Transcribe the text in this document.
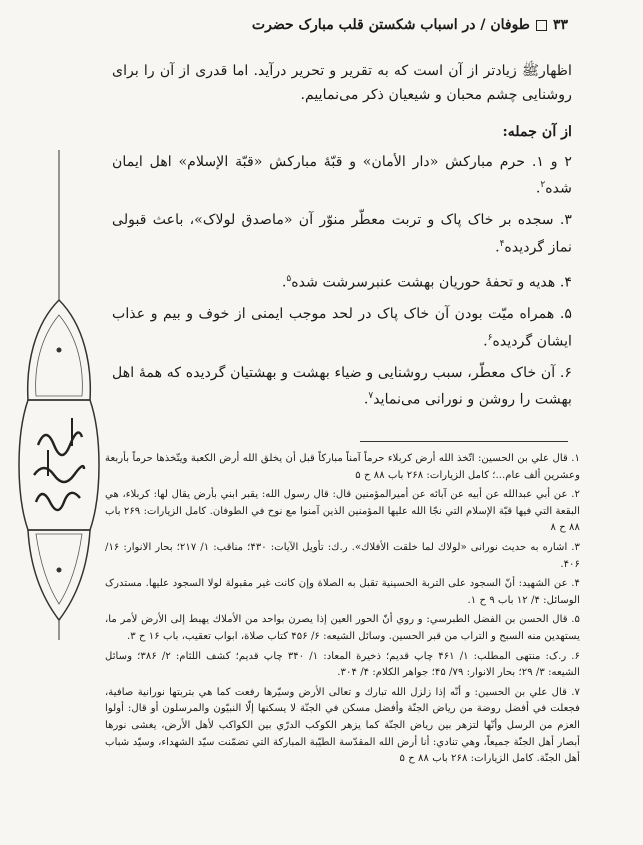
۳۳
طوفان / در اسباب شکستن قلب مبارک حضرت

اظهارﷺ زیادتر از آن است که به تقریر و تحریر درآید. اما قدری از آن را برای روشنایی چشم محبان و شیعیان ذکر می‌نماییم.

از آن جمله:

۲ و ۱. حرم مبارکش «دار الأمان» و قبّهٔ مبارکش «قبّة الإسلام» اهل ایمان شده$^۲$.

۳. سجده بر خاک پاک و تربت معطّر منوّر آن «ماصدق لولاک»، باعث قبولی نماز گردیده$^۴$.

۴. هدیه و تحفهٔ حوریان بهشت عنبرسرشت شده$^۵$.

۵. همراه میّت بودن آن خاک پاک در لحد موجب ایمنی از خوف و بیم و عذاب ایشان گردیده$^۶$.

۶. آن خاک معطّر، سبب روشنایی و ضیاء بهشت و بهشتیان گردیده که همهٔ اهل بهشت را روشن و نورانی می‌نماید$^۷$.

۱. قال علي بن الحسين: اتّخذ الله أرض كربلاء حرماً آمناً مباركاً قبل أن يخلق الله أرض الكعبة ويتّخذها حرماً بأربعة وعشرين ألف عام...؛ كامل الزيارات: ۲۶۸ باب ۸۸ ح ۵
۲. عن أبي عبدالله عن أبيه عن آبائه عن أميرالمؤمنين قال: قال رسول الله: يقبر ابني بأرض يقال لها: كربلاء، هي البقعة التي فيها قبّة الإسلام التي نجّا الله عليها المؤمنين الذين آمنوا مع نوح في الطوفان. كامل الزيارات: ۲۶۹ باب ۸۸ ح ۸
۳. اشاره به حدیث نورانی «لولاك لما خلقت الأفلاك». ر.ك: تأويل الآيات: ۴۳۰؛ مناقب: ۱/ ۲۱۷؛ بحار الانوار: ۱۶/ ۴۰۶.
۴. عن الشهيد: أنّ السجود على التربة الحسينية تقبل به الصلاة وإن كانت غير مقبولة لولا السجود عليها. مستدرک الوسائل: ۴/ ۱۲ باب ۹ ح ۱.
۵. قال الحسن بن الفضل الطبرسي: و روي أنّ الحور العين إذا يصرن بواحد من الأملاك يهبط إلى الأرض لأمر ما، يستهدين منه السبح و التراب من قبر الحسين. وسائل الشيعه: ۶/ ۴۵۶ کتاب صلاة، ابواب تعقیب، باب ۱۶ ح ۳.
۶. ر.ک: منتهی المطلب: ۱/ ۴۶۱ چاپ قدیم؛ ذخیرة المعاد: ۱/ ۳۴۰ چاپ قدیم؛ کشف اللثام: ۲/ ۳۸۶؛ وسائل الشیعه: ۳/ ۲۹؛ بحار الانوار: ۷۹/ ۴۵؛ جواهر الکلام: ۴/ ۳۰۴.
۷. قال علي بن الحسين: و أنّه إذا زلزل الله تبارك و تعالى الأرض وسيّرها رفعت كما هي بتربتها نورانية صافية، فجعلت في أفضل روضة من رياض الجنّة وأفضل مسكن في الجنّة لا يسكنها إلّا النبيّون والمرسلون أو قال: أولوا العزم من الرسل وأنّها لتزهر بين رياض الجنّة كما يزهر الكوكب الدرّي بين الكواكب لأهل الأرض، يغشى نورها أبصار أهل الجنّة جميعاً، وهي تنادي: أنا أرض الله المقدّسة الطيّبة المباركة التي تضمّنت سيّد الشهداء، وسيّد شباب أهل الجنّة. كامل الزيارات: ۲۶۸ باب ۸۸ ح ۵
